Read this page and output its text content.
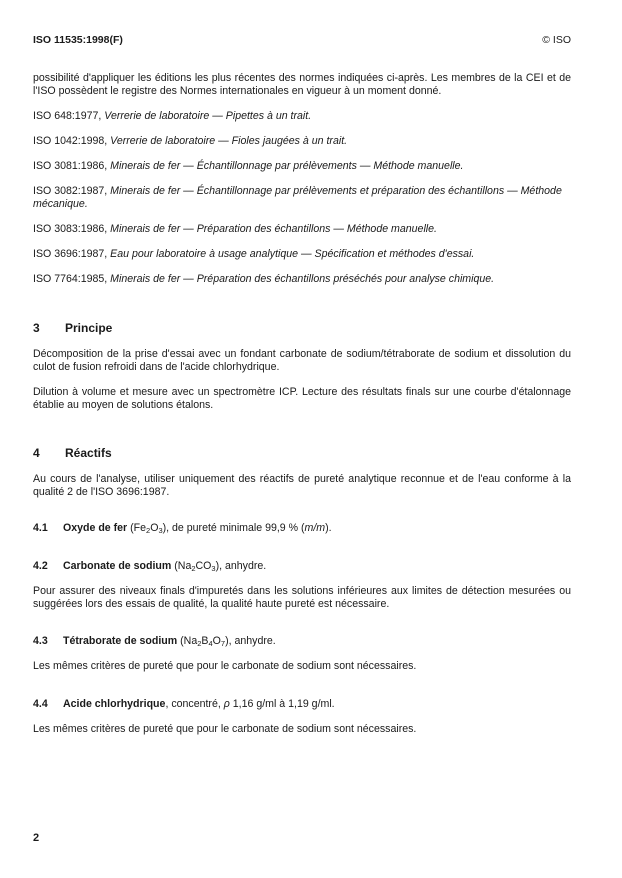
ISO 11535:1998(F)	© ISO
possibilité d'appliquer les éditions les plus récentes des normes indiquées ci-après. Les membres de la CEI et de l'ISO possèdent le registre des Normes internationales en vigueur à un moment donné.
ISO 648:1977, Verrerie de laboratoire — Pipettes à un trait.
ISO 1042:1998, Verrerie de laboratoire — Fioles jaugées à un trait.
ISO 3081:1986, Minerais de fer — Échantillonnage par prélèvements — Méthode manuelle.
ISO 3082:1987, Minerais de fer — Échantillonnage par prélèvements et préparation des échantillons — Méthode mécanique.
ISO 3083:1986, Minerais de fer — Préparation des échantillons — Méthode manuelle.
ISO 3696:1987, Eau pour laboratoire à usage analytique — Spécification et méthodes d'essai.
ISO 7764:1985, Minerais de fer — Préparation des échantillons préséchés pour analyse chimique.
3 Principe
Décomposition de la prise d'essai avec un fondant carbonate de sodium/tétraborate de sodium et dissolution du culot de fusion refroidi dans de l'acide chlorhydrique.
Dilution à volume et mesure avec un spectromètre ICP. Lecture des résultats finals sur une courbe d'étalonnage établie au moyen de solutions étalons.
4 Réactifs
Au cours de l'analyse, utiliser uniquement des réactifs de pureté analytique reconnue et de l'eau conforme à la qualité 2 de l'ISO 3696:1987.
4.1 Oxyde de fer $(Fe_2O_3)$, de pureté minimale 99,9 % (m/m).
4.2 Carbonate de sodium $(Na_2CO_3)$, anhydre.
Pour assurer des niveaux finals d'impuretés dans les solutions inférieures aux limites de détection mesurées ou suggérées lors des essais de qualité, la qualité haute pureté est nécessaire.
4.3 Tétraborate de sodium $(Na_2B_4O_7)$, anhydre.
Les mêmes critères de pureté que pour le carbonate de sodium sont nécessaires.
4.4 Acide chlorhydrique, concentré, ρ 1,16 g/ml à 1,19 g/ml.
Les mêmes critères de pureté que pour le carbonate de sodium sont nécessaires.
2
